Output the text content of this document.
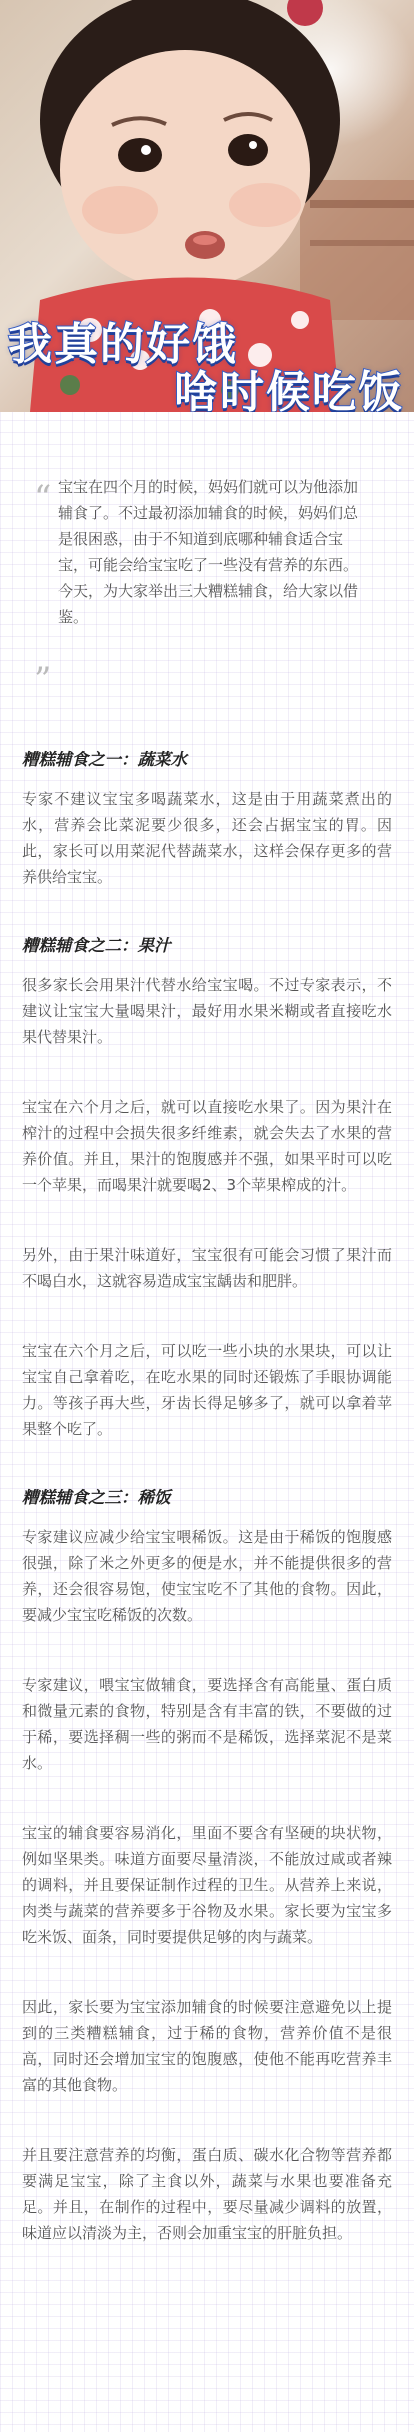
我真的好饿
啥时候吃饭
“ 宝宝在四个月的时候，妈妈们就可以为他添加辅食了。不过最初添加辅食的时候，妈妈们总是很困惑，由于不知道到底哪种辅食适合宝宝，可能会给宝宝吃了一些没有营养的东西。今天，为大家举出三大糟糕辅食，给大家以借鉴。

”
糟糕辅食之一：蔬菜水

专家不建议宝宝多喝蔬菜水，这是由于用蔬菜煮出的水，营养会比菜泥要少很多，还会占据宝宝的胃。因此，家长可以用菜泥代替蔬菜水，这样会保存更多的营养供给宝宝。

糟糕辅食之二：果汁

很多家长会用果汁代替水给宝宝喝。不过专家表示，不建议让宝宝大量喝果汁，最好用水果米糊或者直接吃水果代替果汁。

宝宝在六个月之后，就可以直接吃水果了。因为果汁在榨汁的过程中会损失很多纤维素，就会失去了水果的营养价值。并且，果汁的饱腹感并不强，如果平时可以吃一个苹果，而喝果汁就要喝2、3个苹果榨成的汁。

另外，由于果汁味道好，宝宝很有可能会习惯了果汁而不喝白水，这就容易造成宝宝龋齿和肥胖。

宝宝在六个月之后，可以吃一些小块的水果块，可以让宝宝自己拿着吃，在吃水果的同时还锻炼了手眼协调能力。等孩子再大些，牙齿长得足够多了，就可以拿着苹果整个吃了。

糟糕辅食之三：稀饭

专家建议应减少给宝宝喂稀饭。这是由于稀饭的饱腹感很强，除了米之外更多的便是水，并不能提供很多的营养，还会很容易饱，使宝宝吃不了其他的食物。因此，要减少宝宝吃稀饭的次数。

专家建议，喂宝宝做辅食，要选择含有高能量、蛋白质和微量元素的食物，特别是含有丰富的铁，不要做的过于稀，要选择稠一些的粥而不是稀饭，选择菜泥不是菜水。

宝宝的辅食要容易消化，里面不要含有坚硬的块状物，例如坚果类。味道方面要尽量清淡，不能放过咸或者辣的调料，并且要保证制作过程的卫生。从营养上来说，肉类与蔬菜的营养要多于谷物及水果。家长要为宝宝多吃米饭、面条，同时要提供足够的肉与蔬菜。

因此，家长要为宝宝添加辅食的时候要注意避免以上提到的三类糟糕辅食，过于稀的食物，营养价值不是很高，同时还会增加宝宝的饱腹感，使他不能再吃营养丰富的其他食物。

并且要注意营养的均衡，蛋白质、碳水化合物等营养都要满足宝宝，除了主食以外，蔬菜与水果也要准备充足。并且，在制作的过程中，要尽量减少调料的放置，味道应以清淡为主，否则会加重宝宝的肝脏负担。
